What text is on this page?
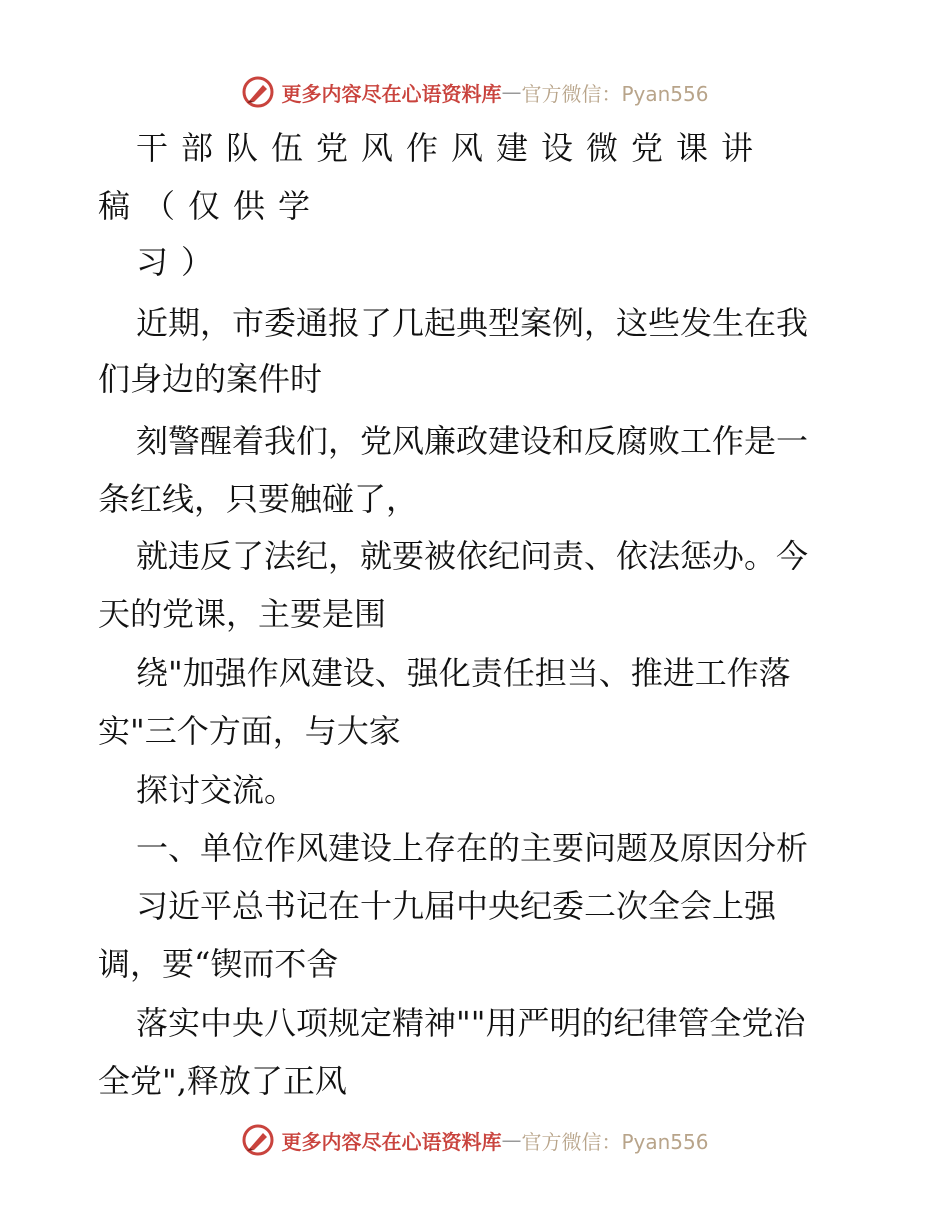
更多内容尽在心语资料库 — 官方微信：Pyan556
干部队伍党风作风建设微党课讲
稿（仅供学
习）
近期，市委通报了几起典型案例，这些发生在我
们身边的案件时
刻警醒着我们，党风廉政建设和反腐败工作是一
条红线，只要触碰了，
就违反了法纪，就要被依纪问责、依法惩办。今
天的党课，主要是围
绕"加强作风建设、强化责任担当、推进工作落
实"三个方面，与大家
探讨交流。
一、单位作风建设上存在的主要问题及原因分析
习近平总书记在十九届中央纪委二次全会上强
调，要“锲而不舍
落实中央八项规定精神""用严明的纪律管全党治
全党",释放了正风
更多内容尽在心语资料库 — 官方微信：Pyan556
